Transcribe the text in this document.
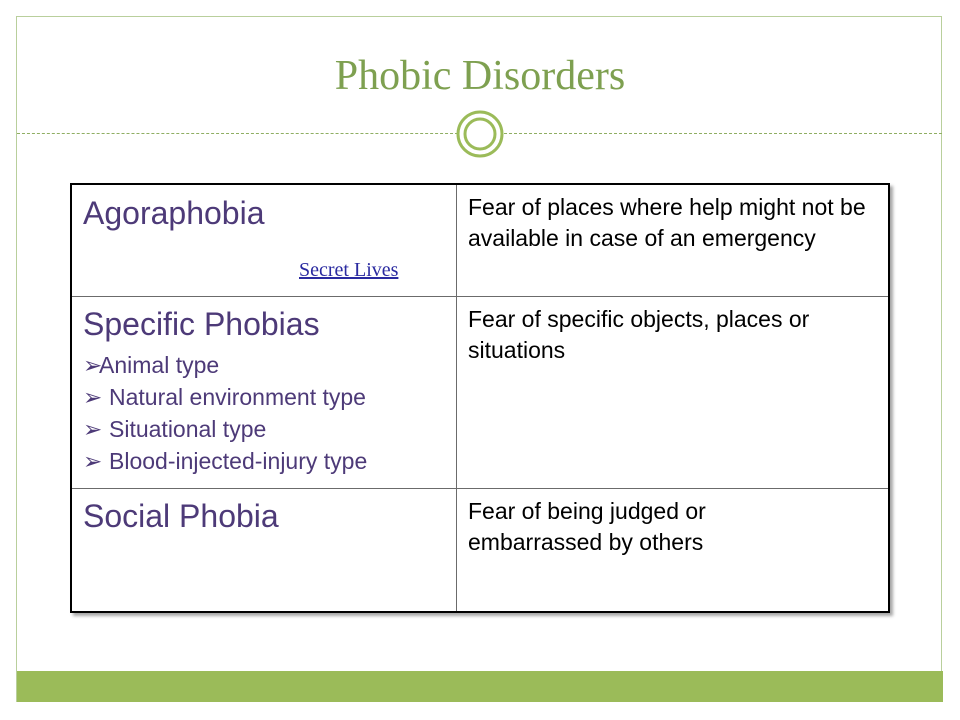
Phobic Disorders
Agoraphobia
Secret Lives
Fear of places where help might not be available in case of an emergency
Specific Phobias
➢Animal type
➢ Natural environment type
➢ Situational type
➢ Blood-injected-injury type
Fear of specific objects, places or situations
Social Phobia	Fear of being judged or embarrassed by others
